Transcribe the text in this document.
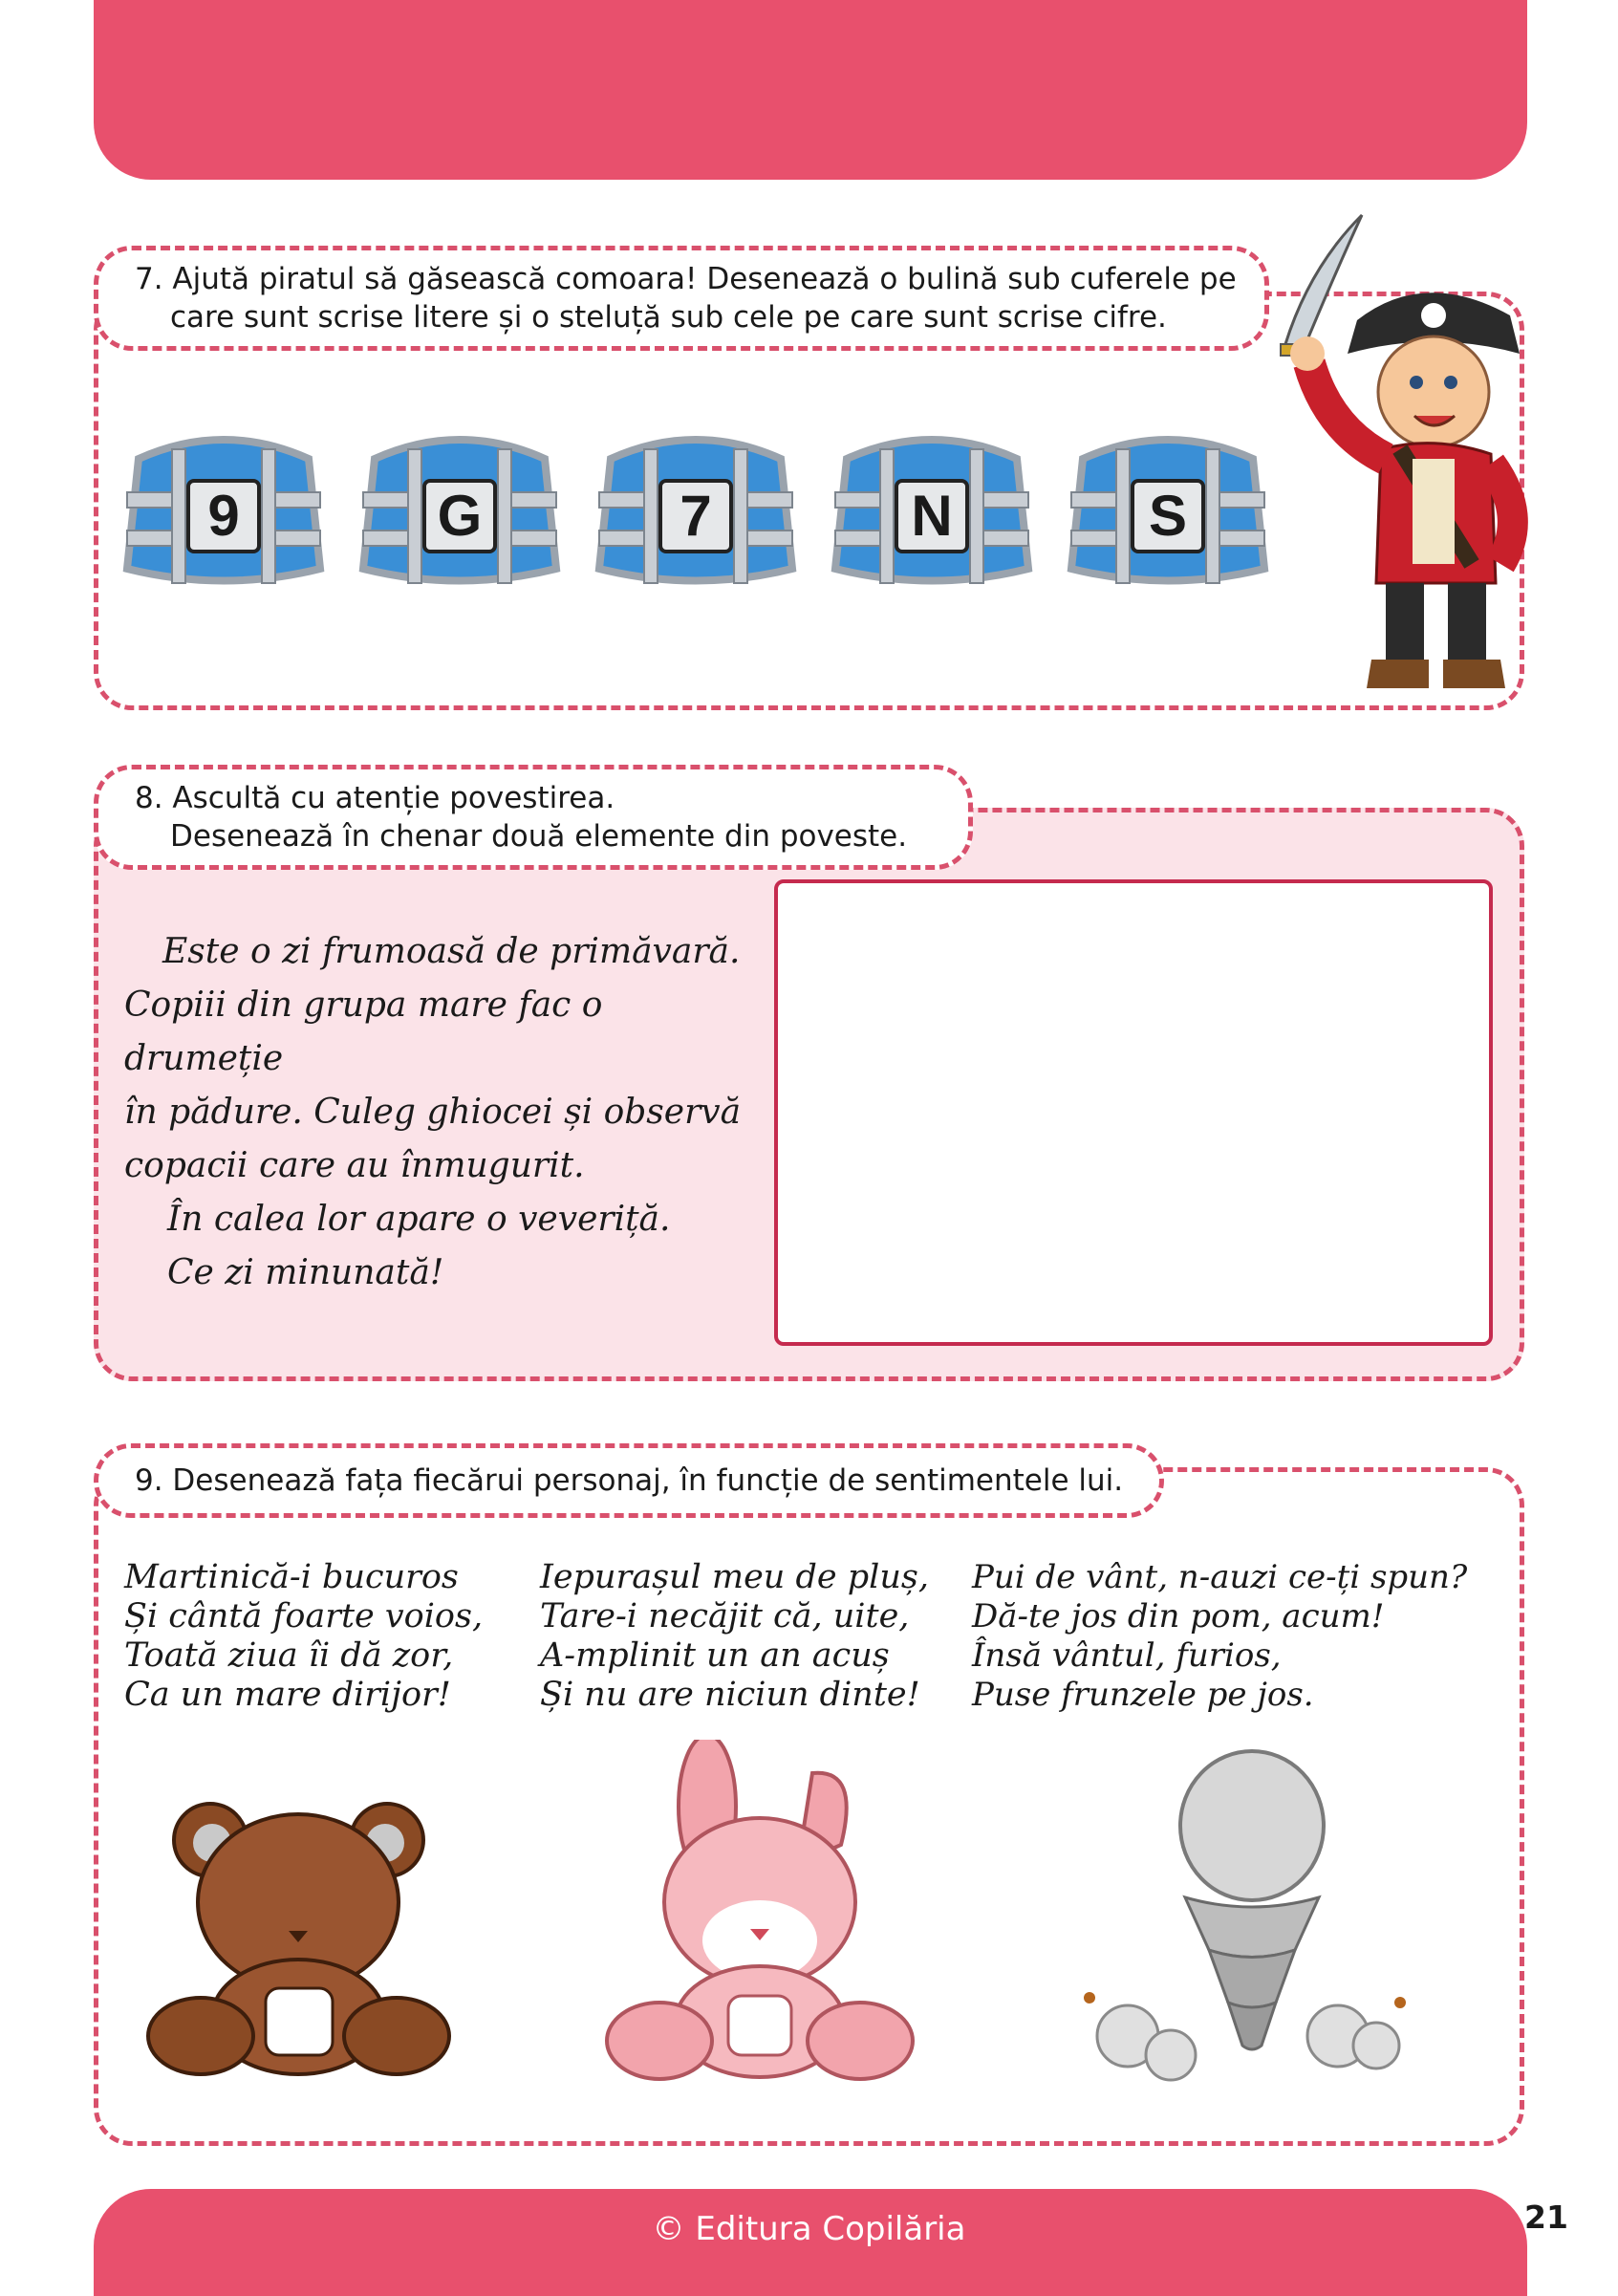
7. Ajută piratul să găsească comoara! Desenează o bulină sub cuferele pe
care sunt scrise litere și o steluță sub cele pe care sunt scrise cifre.
9	G	7	N	S
8. Ascultă cu atenție povestirea.
Desenează în chenar două elemente din poveste.

Este o zi frumoasă de primăvară.

Copiii din grupa mare fac o drumeție

în pădure. Culeg ghiocei și observă

copacii care au înmugurit.

În calea lor apare o veveriță.

Ce zi minunată!

9. Desenează fața fiecărui personaj, în funcție de sentimentele lui.
Martinică-i bucuros
Și cântă foarte voios,
Toată ziua îi dă zor,
Ca un mare dirijor!
Iepurașul meu de pluș,
Tare-i necăjit că, uite,
A-mplinit un an acuș
Și nu are niciun dinte!
Pui de vânt, n-auzi ce-ți spun?
Dă-te jos din pom, acum!
Însă vântul, furios,
Puse frunzele pe jos.
© Editura Copilăria	21
